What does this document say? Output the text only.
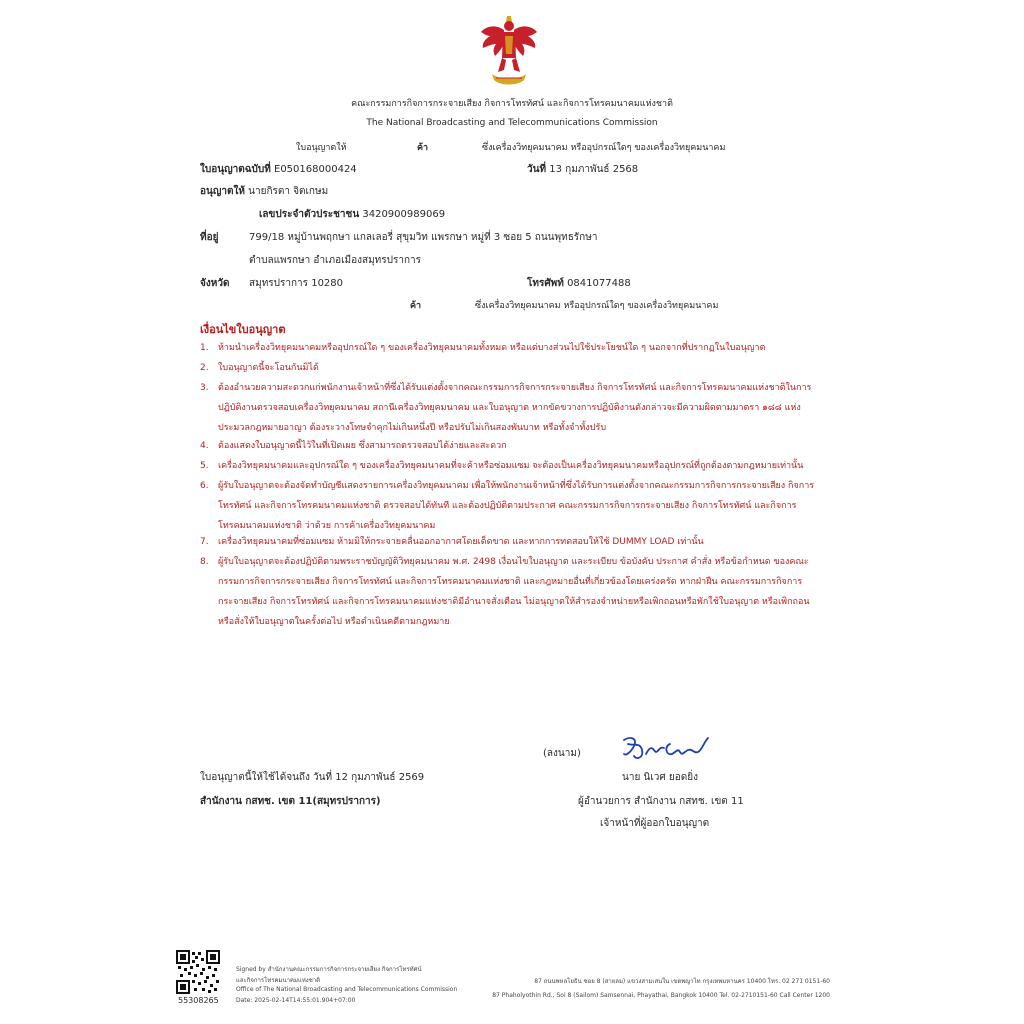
คณะกรรมการกิจการกระจายเสียง กิจการโทรทัศน์ และกิจการโทรคมนาคมแห่งชาติ
The National Broadcasting and Telecommunications Commission
ใบอนุญาตให้	ค้า	ซึ่งเครื่องวิทยุคมนาคม หรืออุปกรณ์ใดๆ ของเครื่องวิทยุคมนาคม
ใบอนุญาตฉบับที่ E050168000424	วันที่ 13 กุมภาพันธ์ 2568
อนุญาตให้ นายกิรตา จิตเกษม
เลขประจำตัวประชาชน 3420900989069
ที่อยู่	799/18 หมู่บ้านพฤกษา แกลเลอรี่ สุขุมวิท แพรกษา หมู่ที่ 3 ซอย 5 ถนนพุทธรักษา
ตำบลแพรกษา อำเภอเมืองสมุทรปราการ
จังหวัด สมุทรปราการ 10280	โทรศัพท์ 0841077488
ค้า	ซึ่งเครื่องวิทยุคมนาคม หรืออุปกรณ์ใดๆ ของเครื่องวิทยุคมนาคม
เงื่อนไขใบอนุญาต
1.	ห้ามนำเครื่องวิทยุคมนาคมหรืออุปกรณ์ใด ๆ ของเครื่องวิทยุคมนาคมทั้งหมด หรือแต่บางส่วนไปใช้ประโยชน์ใด ๆ นอกจากที่ปรากฏในใบอนุญาต
2.	ใบอนุญาตนี้จะโอนกันมิได้
3.	ต้องอำนวยความสะดวกแก่พนักงานเจ้าหน้าที่ซึ่งได้รับแต่งตั้งจากคณะกรรมการกิจการกระจายเสียง กิจการโทรทัศน์ และกิจการโทรคมนาคมแห่งชาติในการปฏิบัติงานตรวจสอบเครื่องวิทยุคมนาคม สถานีเครื่องวิทยุคมนาคม และใบอนุญาต หากขัดขวางการปฏิบัติงานดังกล่าวจะมีความผิดตามมาตรา ๑๘๘ แห่งประมวลกฎหมายอาญา ต้องระวางโทษจำคุกไม่เกินหนึ่งปี หรือปรับไม่เกินสองพันบาท หรือทั้งจำทั้งปรับ
4.	ต้องแสดงใบอนุญาตนี้ไว้ในที่เปิดเผย ซึ่งสามารถตรวจสอบได้ง่ายและสะดวก
5.	เครื่องวิทยุคมนาคมและอุปกรณ์ใด ๆ ของเครื่องวิทยุคมนาคมที่จะค้าหรือซ่อมแซม จะต้องเป็นเครื่องวิทยุคมนาคมหรืออุปกรณ์ที่ถูกต้องตามกฎหมายเท่านั้น
6.	ผู้รับใบอนุญาตจะต้องจัดทำบัญชีแสดงรายการเครื่องวิทยุคมนาคม เพื่อให้พนักงานเจ้าหน้าที่ซึ่งได้รับการแต่งตั้งจากคณะกรรมการกิจการกระจายเสียง กิจการโทรทัศน์ และกิจการโทรคมนาคมแห่งชาติ ตรวจสอบได้ทันที และต้องปฏิบัติตามประกาศ คณะกรรมการกิจการกระจายเสียง กิจการโทรทัศน์ และกิจการโทรคมนาคมแห่งชาติ ว่าด้วย การค้าเครื่องวิทยุคมนาคม
7.	เครื่องวิทยุคมนาคมที่ซ่อมแซม ห้ามมิให้กระจายคลื่นออกอากาศโดยเด็ดขาด และหากการทดสอบให้ใช้ DUMMY LOAD เท่านั้น
8.	ผู้รับใบอนุญาตจะต้องปฏิบัติตามพระราชบัญญัติวิทยุคมนาคม พ.ศ. 2498 เงื่อนไขใบอนุญาต และระเบียบ ข้อบังคับ ประกาศ คำสั่ง หรือข้อกำหนด ของคณะกรรมการกิจการกระจายเสียง กิจการโทรทัศน์ และกิจการโทรคมนาคมแห่งชาติ และกฎหมายอื่นที่เกี่ยวข้องโดยเคร่งครัด หากฝ่าฝืน คณะกรรมการกิจการกระจายเสียง กิจการโทรทัศน์ และกิจการโทรคมนาคมแห่งชาติมีอำนาจสั่งเตือน ไม่อนุญาตให้สำรองจำหน่ายหรือเพิกถอนหรือพักใช้ใบอนุญาต หรือเพิกถอนหรือสั่งให้ใบอนุญาตในครั้งต่อไป หรือดำเนินคดีตามกฎหมาย
(ลงนาม)
ใบอนุญาตนี้ให้ใช้ได้จนถึง วันที่ 12 กุมภาพันธ์ 2569
สำนักงาน กสทช. เขต 11(สมุทรปราการ)
นาย นิเวศ ยอดยิ่ง
ผู้อำนวยการ สำนักงาน กสทช. เขต 11
เจ้าหน้าที่ผู้ออกใบอนุญาต
55308265
Signed by สำนักงานคณะกรรมการกิจการกระจายเสียง กิจการโทรทัศน์
และกิจการโทรคมนาคมแห่งชาติ
Office of The National Broadcasting and Telecommunications Commission
Date: 2025-02-14T14:55:01.904+07:00
87 ถนนพหลโยธิน ซอย 8 (สายลม) แขวงสามเสนใน เขตพญาไท กรุงเทพมหานคร 10400 โทร. 02 271 0151-60
87 Phaholyothin Rd., Soi 8 (Sailom) Samsennai, Phayathai, Bangkok 10400 Tel. 02-2710151-60 Call Center 1200
